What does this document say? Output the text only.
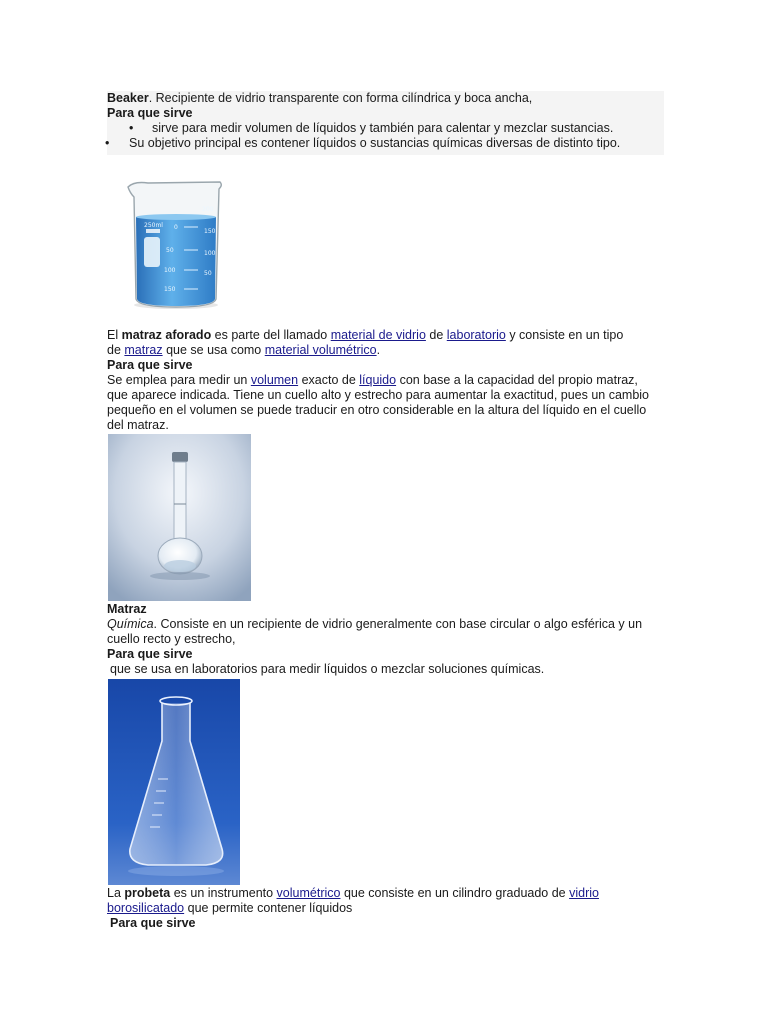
Beaker. Recipiente de vidrio transparente con forma cilíndrica y boca ancha,
Para que sirve
• sirve para medir volumen de líquidos y también para calentar y mezclar sustancias.
• Su objetivo principal es contener líquidos o sustancias químicas diversas de distinto tipo.
0
50
100
150
200
150
100
50
250ml
El matraz aforado es parte del llamado material de vidrio de laboratorio y consiste en un tipo
de matraz que se usa como material volumétrico.
Para que sirve
Se emplea para medir un volumen exacto de líquido con base a la capacidad del propio matraz,
que aparece indicada. Tiene un cuello alto y estrecho para aumentar la exactitud, pues un cambio
pequeño en el volumen se puede traducir en otro considerable en la altura del líquido en el cuello
del matraz.
Matraz
Química. Consiste en un recipiente de vidrio generalmente con base circular o algo esférica y un
cuello recto y estrecho,
Para que sirve
que se usa en laboratorios para medir líquidos o mezclar soluciones químicas.
La probeta es un instrumento volumétrico que consiste en un cilindro graduado de vidrio
borosilicatado que permite contener líquidos
Para que sirve
